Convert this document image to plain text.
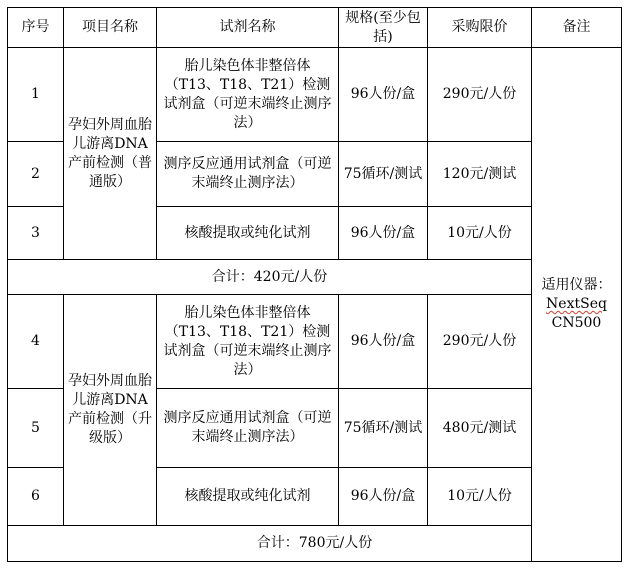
序号	项目名称	试剂名称	规格(至少包括)	采购限价	备注
1	孕妇外周血胎儿游离DNA产前检测（普通版）	胎儿染色体非整倍体（T13、T18、T21）检测试剂盒（可逆末端终止测序法）	96人份/盒	290元/人份	适用仪器：
NextSeq
CN500

2		测序反应通用试剂盒（可逆末端终止测序法）	75循环/测试	120元/测试	
3		核酸提取或纯化试剂	96人份/盒	10元/人份	
合计：420元/人份					
4	孕妇外周血胎儿游离DNA产前检测（升级版）	胎儿染色体非整倍体（T13、T18、T21）检测试剂盒（可逆末端终止测序法）	96人份/盒	290元/人份	
5		测序反应通用试剂盒（可逆末端终止测序法）	75循环/测试	480元/测试	
6		核酸提取或纯化试剂	96人份/盒	10元/人份	
合计：780元/人份					
